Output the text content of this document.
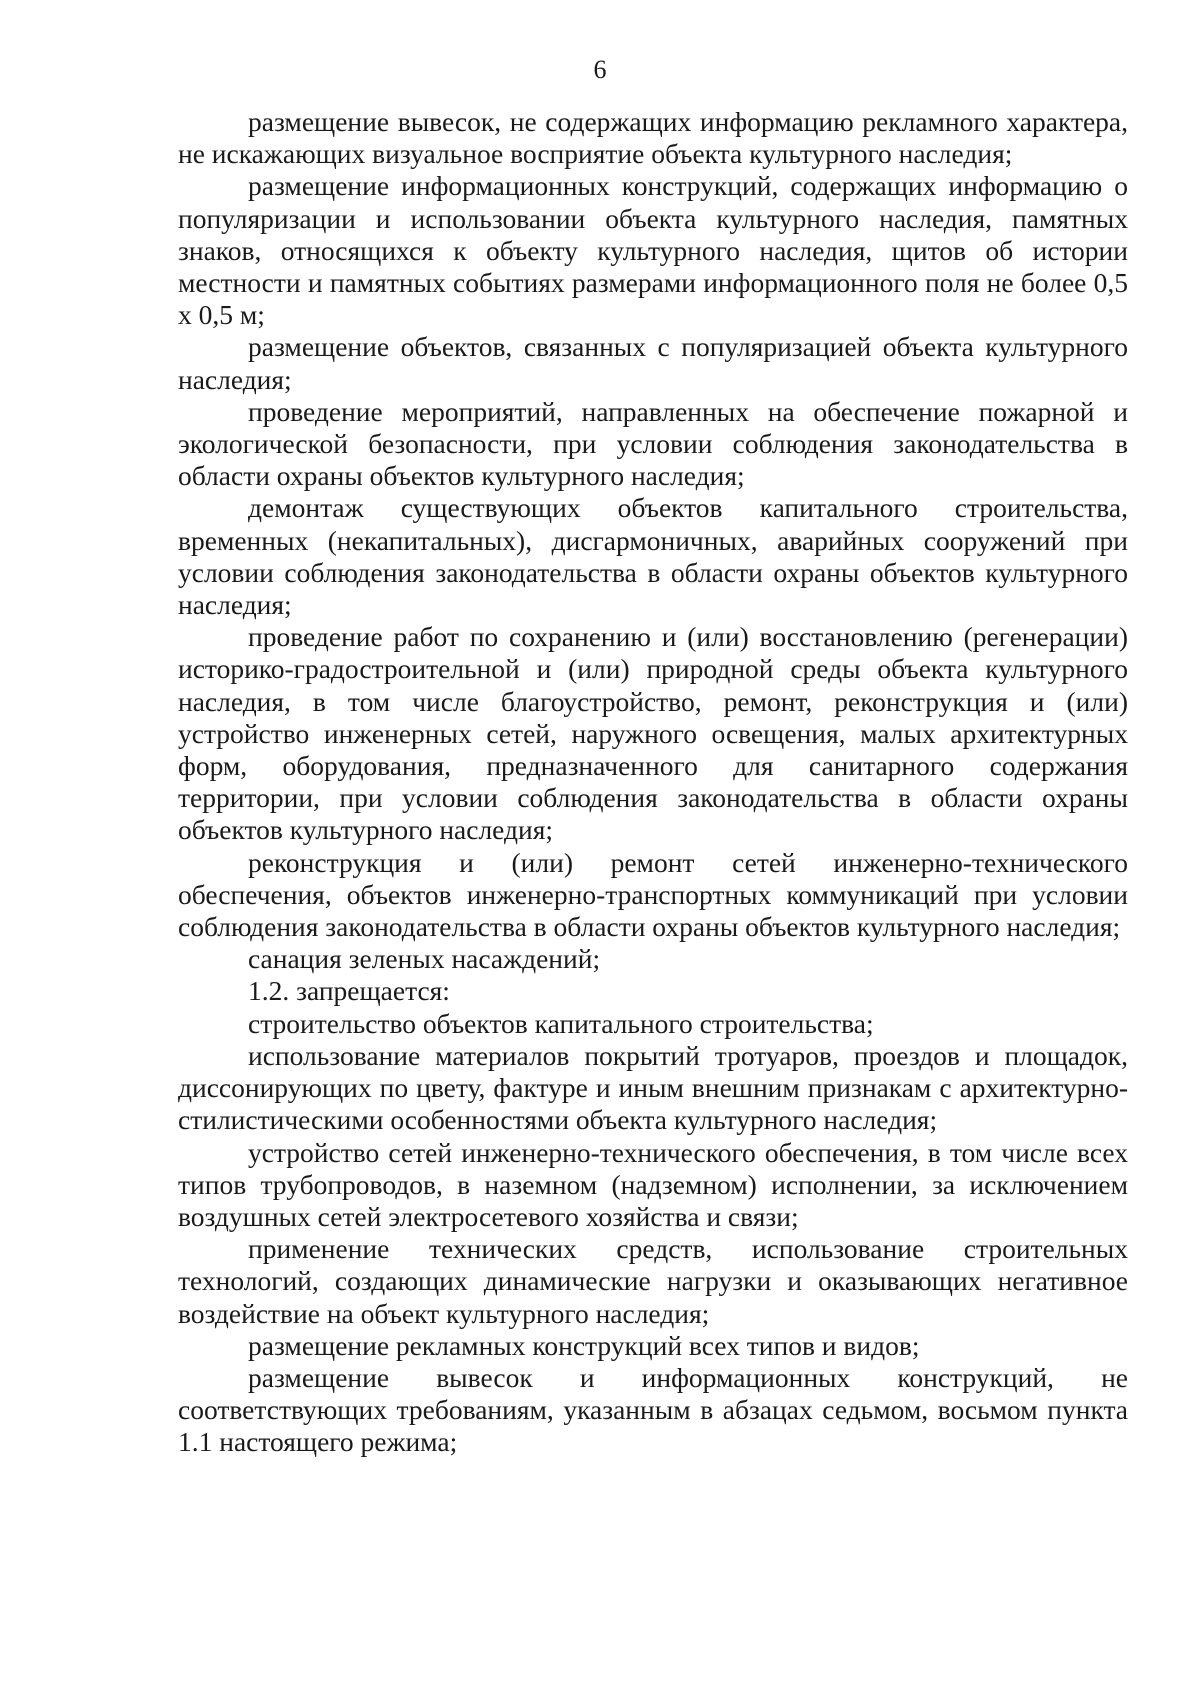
6

размещение вывесок, не содержащих информацию рекламного характера, не искажающих визуальное восприятие объекта культурного наследия;

размещение информационных конструкций, содержащих информацию о популяризации и использовании объекта культурного наследия, памятных знаков, относящихся к объекту культурного наследия, щитов об истории местности и памятных событиях размерами информационного поля не более 0,5 х 0,5 м;

размещение объектов, связанных с популяризацией объекта культурного наследия;

проведение мероприятий, направленных на обеспечение пожарной и экологической безопасности, при условии соблюдения законодательства в области охраны объектов культурного наследия;

демонтаж существующих объектов капитального строительства, временных (некапитальных), дисгармоничных, аварийных сооружений при условии соблюдения законодательства в области охраны объектов культурного наследия;

проведение работ по сохранению и (или) восстановлению (регенерации) историко-градостроительной и (или) природной среды объекта культурного наследия, в том числе благоустройство, ремонт, реконструкция и (или) устройство инженерных сетей, наружного освещения, малых архитектурных форм, оборудования, предназначенного для санитарного содержания территории, при условии соблюдения законодательства в области охраны объектов культурного наследия;

реконструкция и (или) ремонт сетей инженерно-технического обеспечения, объектов инженерно-транспортных коммуникаций при условии соблюдения законодательства в области охраны объектов культурного наследия;

санация зеленых насаждений;

1.2. запрещается:

строительство объектов капитального строительства;

использование материалов покрытий тротуаров, проездов и площадок, диссонирующих по цвету, фактуре и иным внешним признакам с архитектурно-стилистическими особенностями объекта культурного наследия;

устройство сетей инженерно-технического обеспечения, в том числе всех типов трубопроводов, в наземном (надземном) исполнении, за исключением воздушных сетей электросетевого хозяйства и связи;

применение технических средств, использование строительных технологий, создающих динамические нагрузки и оказывающих негативное воздействие на объект культурного наследия;

размещение рекламных конструкций всех типов и видов;

размещение вывесок и информационных конструкций, не соответствующих требованиям, указанным в абзацах седьмом, восьмом пункта 1.1 настоящего режима;
